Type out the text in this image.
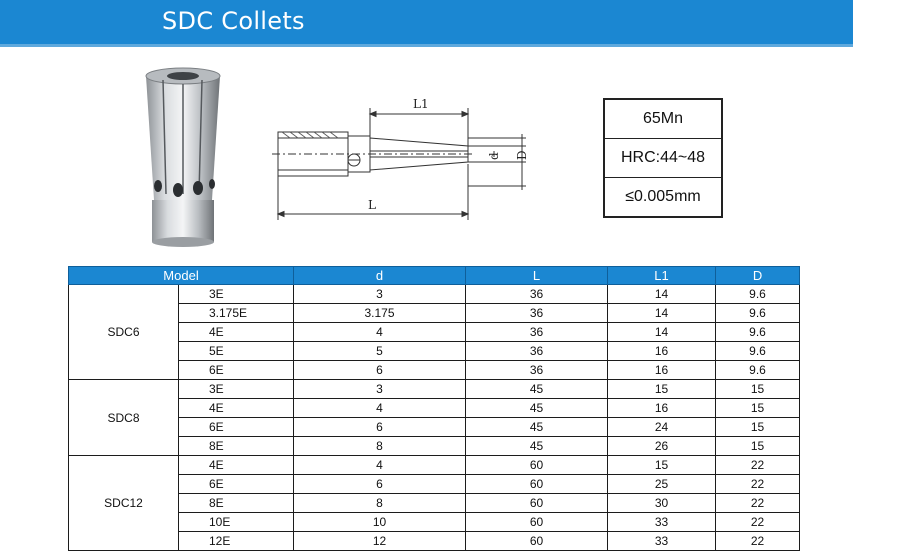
SDC Collets
L1
L
d D
65Mn
HRC:44~48
≤0.005mm
Model		d	L	L1	D
SDC6	3E	3	36	14	9.6
	3.175E	3.175	36	14	9.6
	4E	4	36	14	9.6
	5E	5	36	16	9.6
	6E	6	36	16	9.6
SDC8	3E	3	45	15	15
	4E	4	45	16	15
	6E	6	45	24	15
	8E	8	45	26	15
SDC12	4E	4	60	15	22
	6E	6	60	25	22
	8E	8	60	30	22
	10E	10	60	33	22
	12E	12	60	33	22
